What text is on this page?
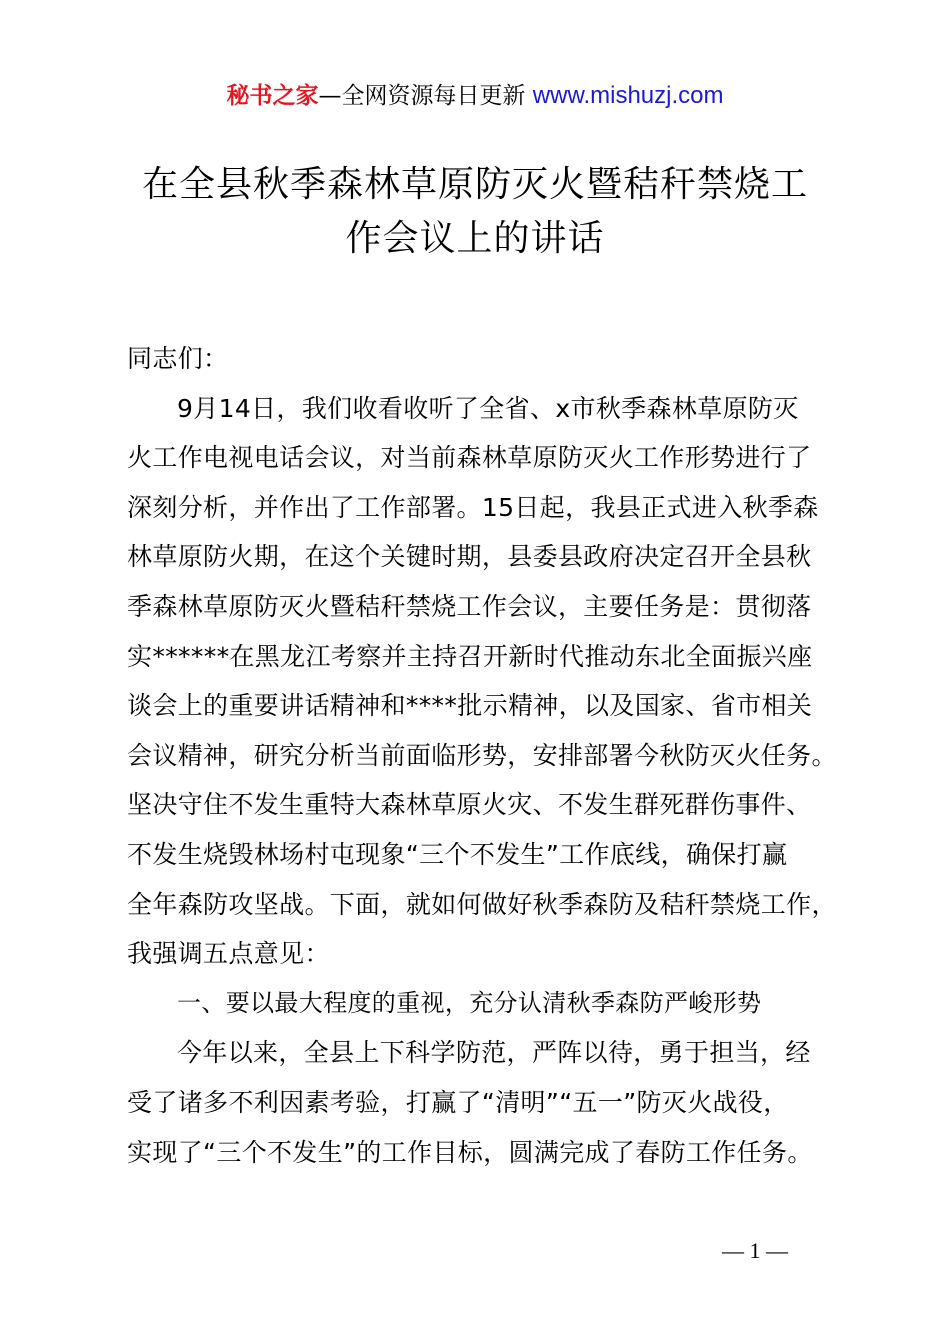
秘书之家—全网资源每日更新 www.mishuzj.com
在全县秋季森林草原防灭火暨秸秆禁烧工
作会议上的讲话
同志们：
9月14日，我们收看收听了全省、x市秋季森林草原防灭
火工作电视电话会议，对当前森林草原防灭火工作形势进行了
深刻分析，并作出了工作部署。15日起，我县正式进入秋季森
林草原防火期，在这个关键时期，县委县政府决定召开全县秋
季森林草原防灭火暨秸秆禁烧工作会议，主要任务是：贯彻落
实******在黑龙江考察并主持召开新时代推动东北全面振兴座
谈会上的重要讲话精神和****批示精神，以及国家、省市相关
会议精神，研究分析当前面临形势，安排部署今秋防灭火任务。
坚决守住不发生重特大森林草原火灾、不发生群死群伤事件、
不发生烧毁林场村屯现象“三个不发生”工作底线，确保打赢
全年森防攻坚战。下面，就如何做好秋季森防及秸秆禁烧工作，
我强调五点意见：
一、要以最大程度的重视，充分认清秋季森防严峻形势
今年以来，全县上下科学防范，严阵以待，勇于担当，经
受了诸多不利因素考验，打赢了“清明”“五一”防灭火战役，
实现了“三个不发生”的工作目标，圆满完成了春防工作任务。
— 1 —
